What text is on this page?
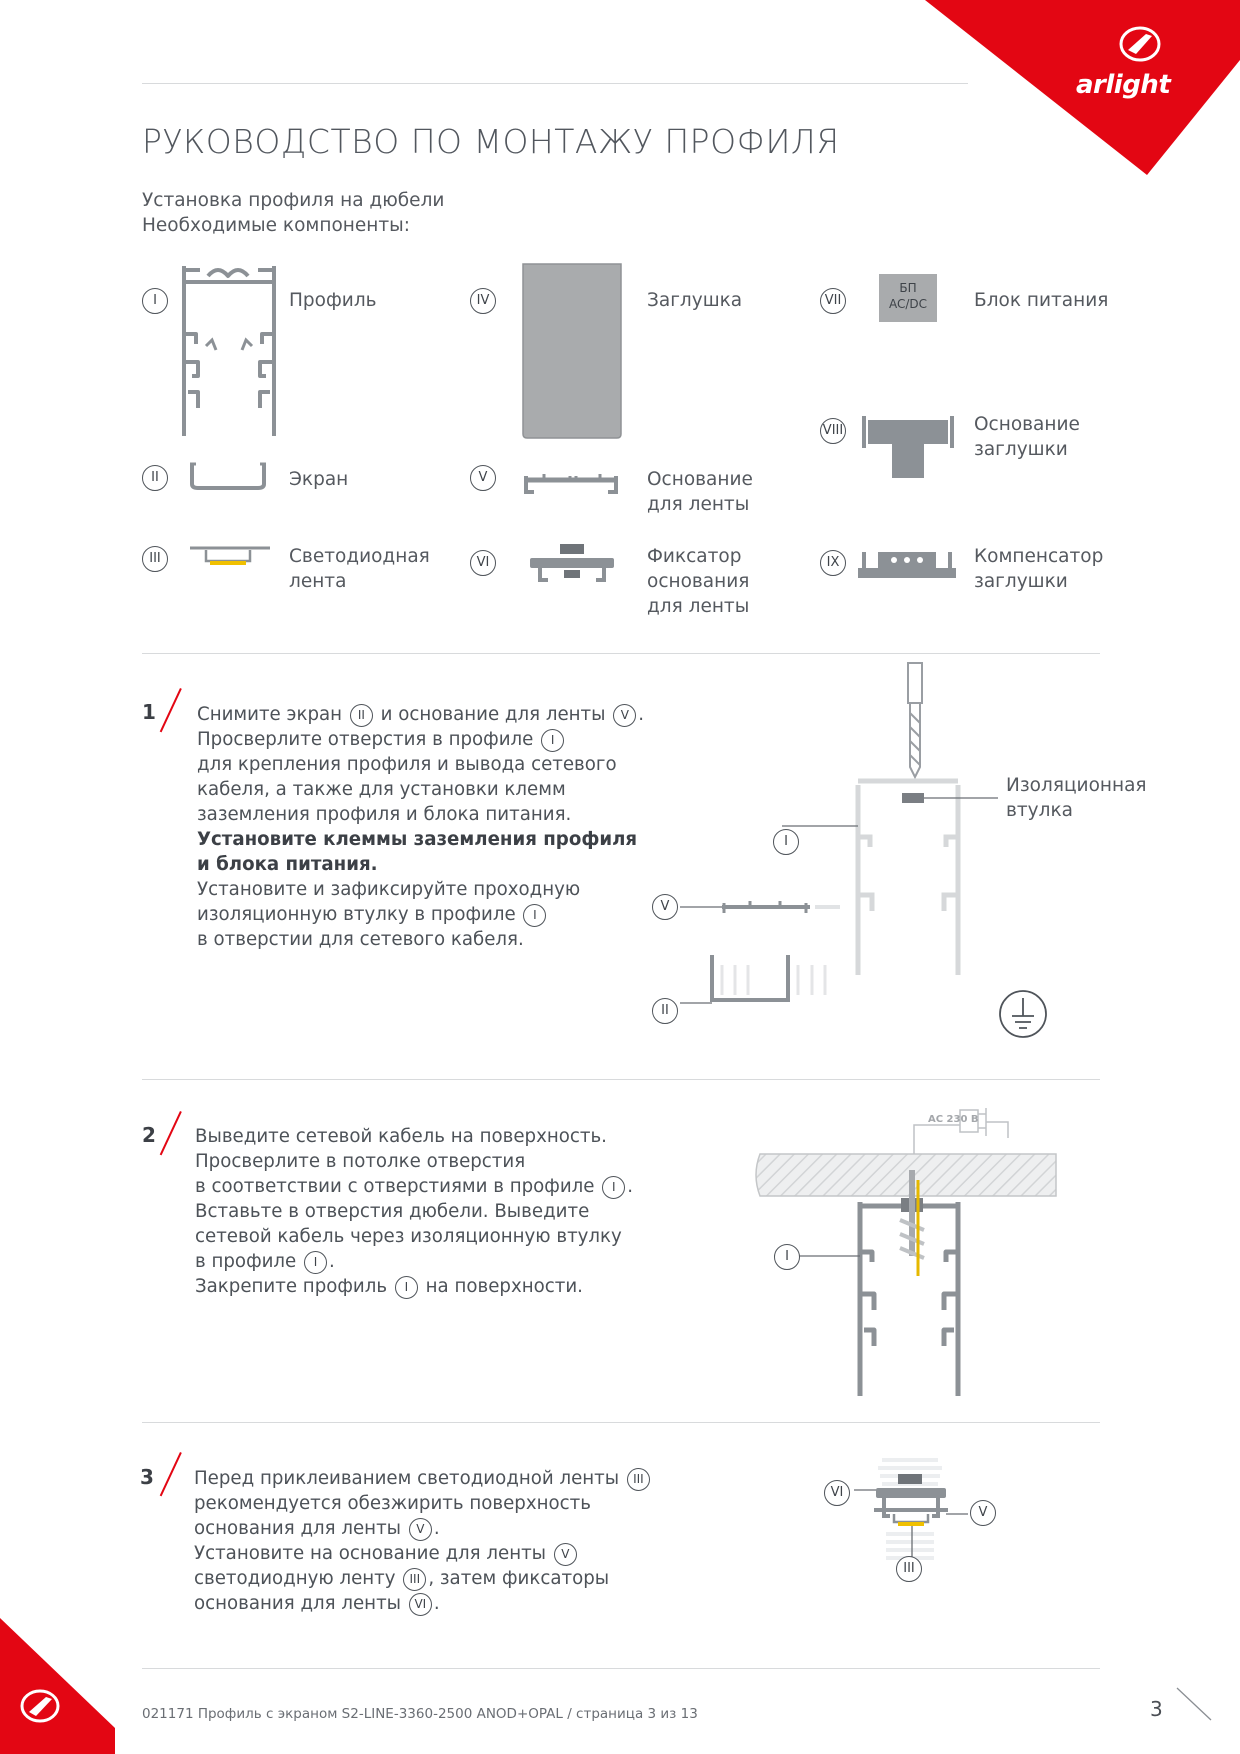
arlight
РУКОВОДСТВО ПО МОНТАЖУ ПРОФИЛЯ
Установка профиля на дюбели
Необходимые компоненты:
I	Профиль
II	Экран
III	Светодиодная
лента
IV	Заглушка
V	Основание
для ленты
VI	Фиксатор
основания
для ленты
VII
БП
AC/DC	Блок питания
VIII	Основание
заглушки
IX	Компенсатор
заглушки
1 Снимите экран II и основание для ленты V .
Просверлите отверстия в профиле I
для крепления профиля и вывода сетевого
кабеля, а также для установки клемм
заземления профиля и блока питания.
Установите клеммы заземления профиля
и блока питания.
Установите и зафиксируйте проходную
изоляционную втулку в профиле I
в отверстии для сетевого кабеля.
I
V
II
Изоляционная
втулка
2 Выведите сетевой кабель на поверхность.
Просверлите в потолке отверстия
в соответствии с отверстиями в профиле I .
Вставьте в отверстия дюбели. Выведите
сетевой кабель через изоляционную втулку
в профиле I .
Закрепите профиль I на поверхности.
AC 230 B
I
3 Перед приклеиванием светодиодной ленты III
рекомендуется обезжирить поверхность
основания для ленты V .
Установите на основание для ленты V
светодиодную ленту III , затем фиксаторы
основания для ленты VI .
VI
V
III
021171 Профиль с экраном S2-LINE-3360-2500 ANOD+OPAL / страница 3 из 13	3
